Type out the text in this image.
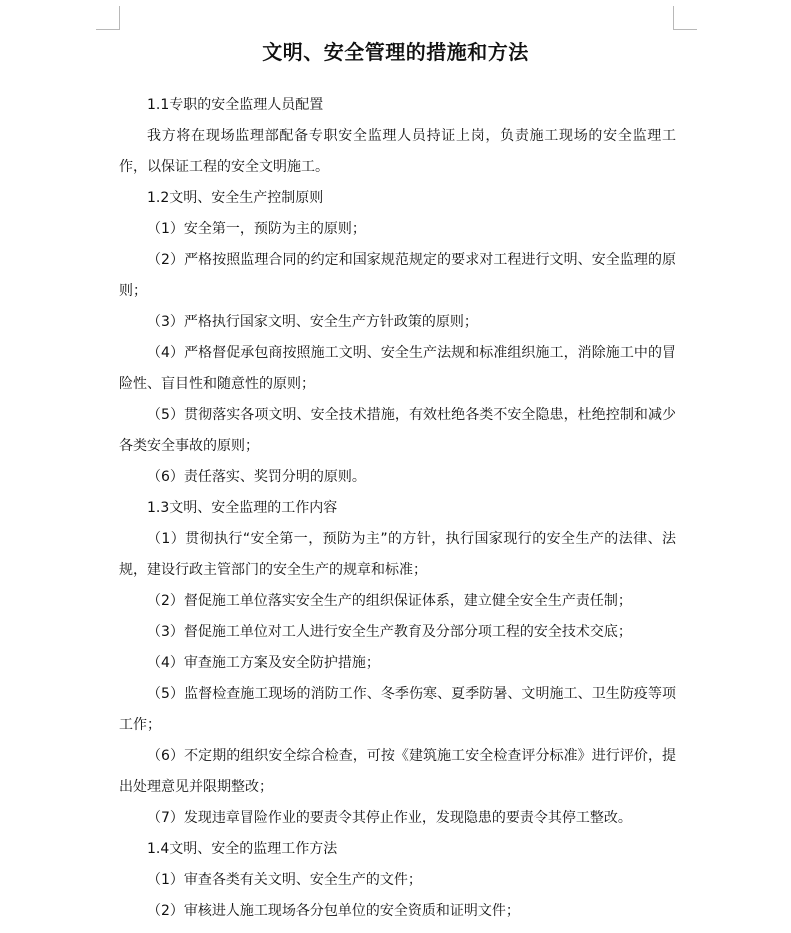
文明、安全管理的措施和方法

1.1专职的安全监理人员配置

我方将在现场监理部配备专职安全监理人员持证上岗，负责施工现场的安全监理工作，以保证工程的安全文明施工。

1.2文明、安全生产控制原则

（1）安全第一，预防为主的原则；

（2）严格按照监理合同的约定和国家规范规定的要求对工程进行文明、安全监理的原则；

（3）严格执行国家文明、安全生产方针政策的原则；

（4）严格督促承包商按照施工文明、安全生产法规和标准组织施工，消除施工中的冒险性、盲目性和随意性的原则；

（5）贯彻落实各项文明、安全技术措施，有效杜绝各类不安全隐患，杜绝控制和减少各类安全事故的原则；

（6）责任落实、奖罚分明的原则。

1.3文明、安全监理的工作内容

（1）贯彻执行“安全第一，预防为主”的方针，执行国家现行的安全生产的法律、法规，建设行政主管部门的安全生产的规章和标准；

（2）督促施工单位落实安全生产的组织保证体系，建立健全安全生产责任制；

（3）督促施工单位对工人进行安全生产教育及分部分项工程的安全技术交底；

（4）审查施工方案及安全防护措施；

（5）监督检查施工现场的消防工作、冬季伤寒、夏季防暑、文明施工、卫生防疫等项工作；

（6）不定期的组织安全综合检查，可按《建筑施工安全检查评分标准》进行评价，提出处理意见并限期整改；

（7）发现违章冒险作业的要责令其停止作业，发现隐患的要责令其停工整改。

1.4文明、安全的监理工作方法

（1）审查各类有关文明、安全生产的文件；

（2）审核进人施工现场各分包单位的安全资质和证明文件；
